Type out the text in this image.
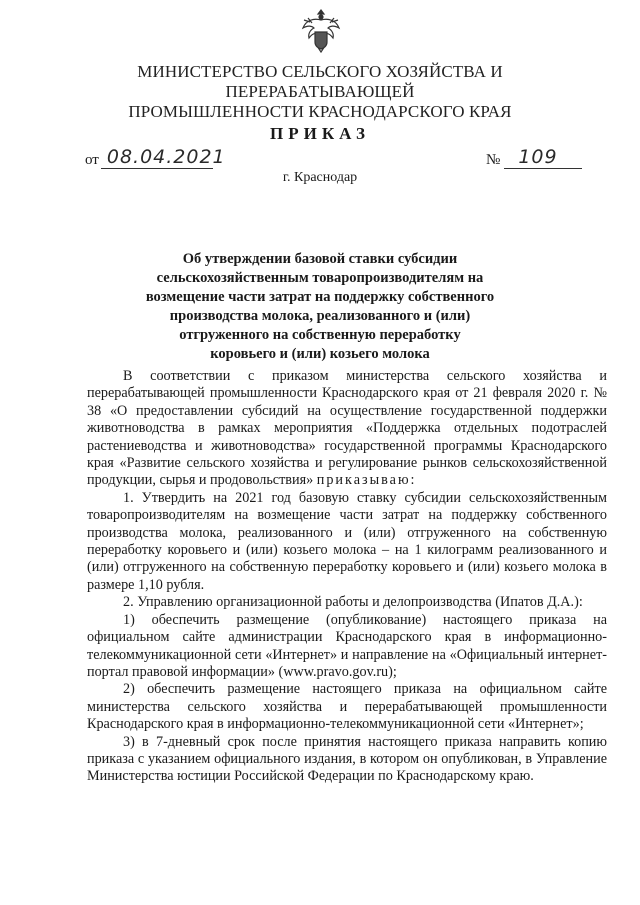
МИНИСТЕРСТВО СЕЛЬСКОГО ХОЗЯЙСТВА И ПЕРЕРАБАТЫВАЮЩЕЙ
ПРОМЫШЛЕННОСТИ КРАСНОДАРСКОГО КРАЯ
ПРИКАЗ
от 08.04.2021	№ 109
г. Краснодар
Об утверждении базовой ставки субсидии
сельскохозяйственным товаропроизводителям на
возмещение части затрат на поддержку собственного
производства молока, реализованного и (или)
отгруженного на собственную переработку
коровьего и (или) козьего молока

В соответствии с приказом министерства сельского хозяйства и перерабатывающей промышленности Краснодарского края от 21 февраля 2020 г. № 38 «О предоставлении субсидий на осуществление государственной поддержки животноводства в рамках мероприятия «Поддержка отдельных подотраслей растениеводства и животноводства» государственной программы Краснодарского края «Развитие сельского хозяйства и регулирование рынков сельскохозяйственной продукции, сырья и продовольствия» приказываю:

1. Утвердить на 2021 год базовую ставку субсидии сельскохозяйственным товаропроизводителям на возмещение части затрат на поддержку собственного производства молока, реализованного и (или) отгруженного на собственную переработку коровьего и (или) козьего молока – на 1 килограмм реализованного и (или) отгруженного на собственную переработку коровьего и (или) козьего молока в размере 1,10 рубля.

2. Управлению организационной работы и делопроизводства (Ипатов Д.А.):

1) обеспечить размещение (опубликование) настоящего приказа на официальном сайте администрации Краснодарского края в информационно-телекоммуникационной сети «Интернет» и направление на «Официальный интернет-портал правовой информации» (www.pravo.gov.ru);

2) обеспечить размещение настоящего приказа на официальном сайте министерства сельского хозяйства и перерабатывающей промышленности Краснодарского края в информационно-телекоммуникационной сети «Интернет»;

3) в 7-дневный срок после принятия настоящего приказа направить копию приказа с указанием официального издания, в котором он опубликован, в Управление Министерства юстиции Российской Федерации по Краснодарскому краю.
